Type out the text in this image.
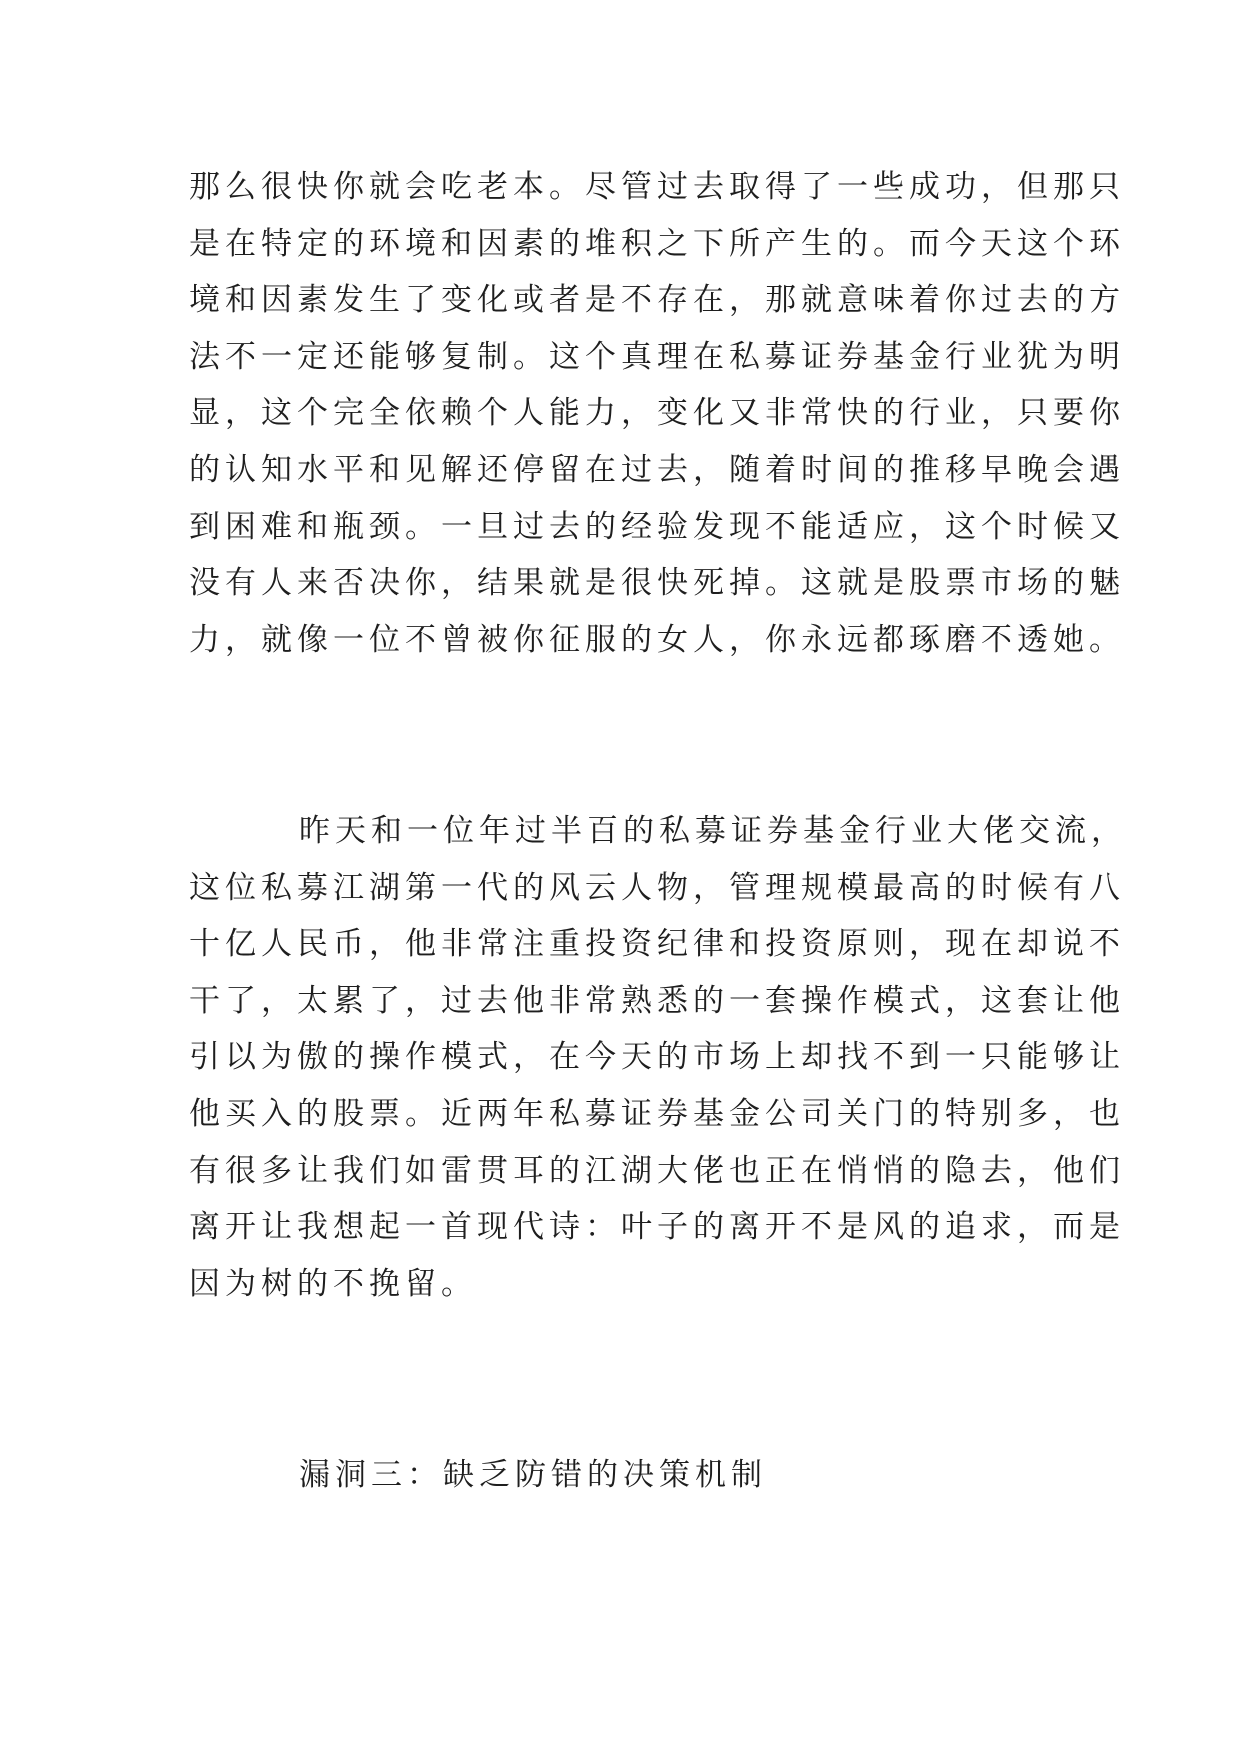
那么很快你就会吃老本。尽管过去取得了一些成功，但那只
是在特定的环境和因素的堆积之下所产生的。而今天这个环
境和因素发生了变化或者是不存在，那就意味着你过去的方
法不一定还能够复制。这个真理在私募证券基金行业犹为明
显，这个完全依赖个人能力，变化又非常快的行业，只要你
的认知水平和见解还停留在过去，随着时间的推移早晚会遇
到困难和瓶颈。一旦过去的经验发现不能适应，这个时候又
没有人来否决你，结果就是很快死掉。这就是股票市场的魅
力，就像一位不曾被你征服的女人，你永远都琢磨不透她。
昨天和一位年过半百的私募证券基金行业大佬交流，
这位私募江湖第一代的风云人物，管理规模最高的时候有八
十亿人民币，他非常注重投资纪律和投资原则，现在却说不
干了，太累了，过去他非常熟悉的一套操作模式，这套让他
引以为傲的操作模式，在今天的市场上却找不到一只能够让
他买入的股票。近两年私募证券基金公司关门的特别多，也
有很多让我们如雷贯耳的江湖大佬也正在悄悄的隐去，他们
离开让我想起一首现代诗：叶子的离开不是风的追求，而是
因为树的不挽留。
漏洞三：缺乏防错的决策机制
